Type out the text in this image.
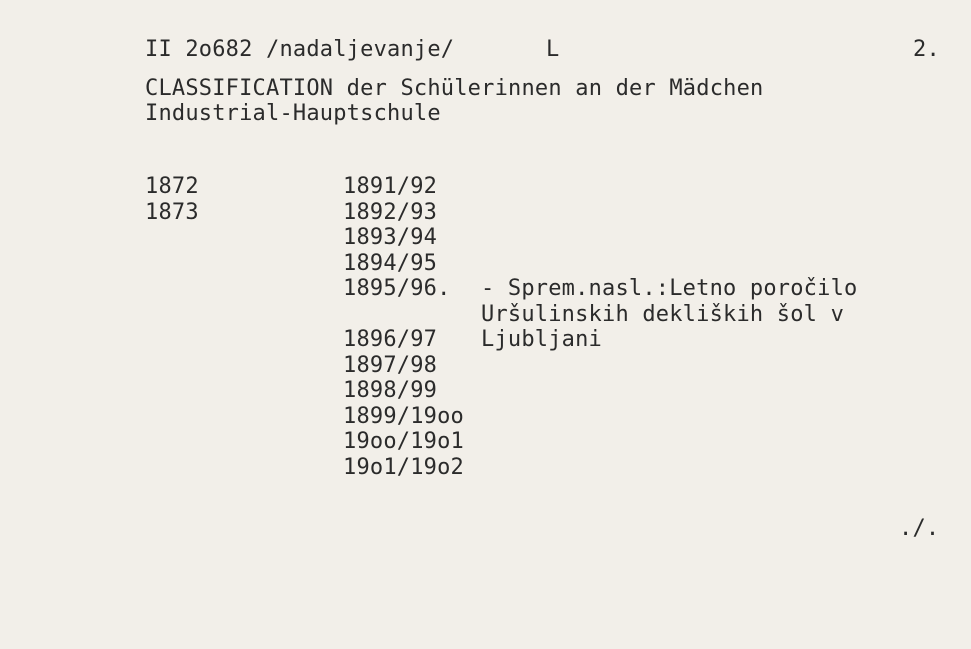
II 2o682 /nadaljevanje/	L	2.
CLASSIFICATION der Schülerinnen an der Mädchen
Industrial-Hauptschule
1872
1873
1891/92
1892/93
1893/94
1894/95
1895/96.
1896/97
1897/98
1898/99
1899/19oo
19oo/19o1
19o1/19o2
- Sprem.nasl.:Letno poročilo
Uršulinskih dekliških šol v
Ljubljani
./.
